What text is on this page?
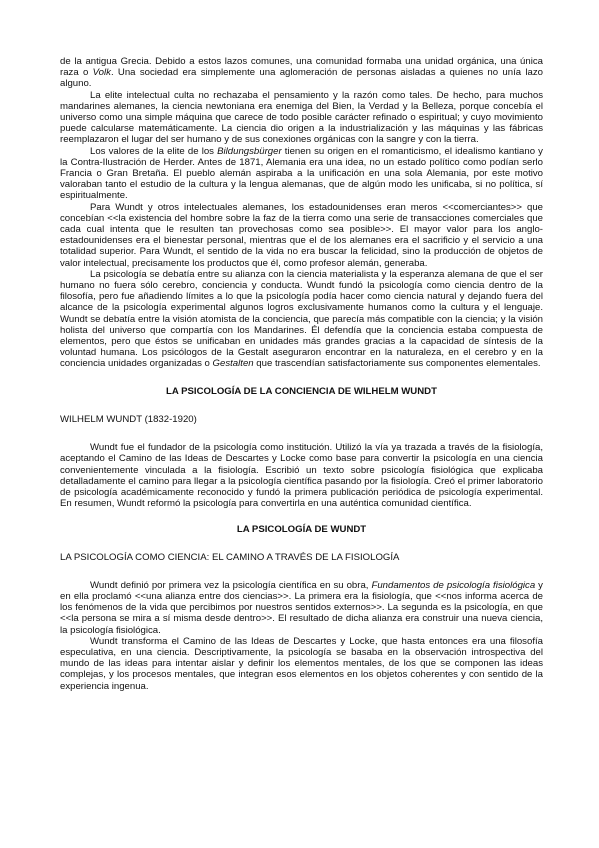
de la antigua Grecia. Debido a estos lazos comunes, una comunidad formaba una unidad orgánica, una única raza o Volk. Una sociedad era simplemente una aglomeración de personas aisladas a quienes no unía lazo alguno.

La elite intelectual culta no rechazaba el pensamiento y la razón como tales. De hecho, para muchos mandarines alemanes, la ciencia newtoniana era enemiga del Bien, la Verdad y la Belleza, porque concebía el universo como una simple máquina que carece de todo posible carácter refinado o espiritual; y cuyo movimiento puede calcularse matemáticamente. La ciencia dio origen a la industrialización y las máquinas y las fábricas reemplazaron el lugar del ser humano y de sus conexiones orgánicas con la sangre y con la tierra.

Los valores de la elite de los Bildungsbürger tienen su origen en el romanticismo, el idealismo kantiano y la Contra-Ilustración de Herder. Antes de 1871, Alemania era una idea, no un estado político como podían serlo Francia o Gran Bretaña. El pueblo alemán aspiraba a la unificación en una sola Alemania, por este motivo valoraban tanto el estudio de la cultura y la lengua alemanas, que de algún modo les unificaba, si no política, sí espiritualmente.

Para Wundt y otros intelectuales alemanes, los estadounidenses eran meros <<comerciantes>> que concebían <<la existencia del hombre sobre la faz de la tierra como una serie de transacciones comerciales que cada cual intenta que le resulten tan provechosas como sea posible>>. El mayor valor para los anglo-estadounidenses era el bienestar personal, mientras que el de los alemanes era el sacrificio y el servicio a una totalidad superior. Para Wundt, el sentido de la vida no era buscar la felicidad, sino la producción de objetos de valor intelectual, precisamente los productos que él, como profesor alemán, generaba.

La psicología se debatía entre su alianza con la ciencia materialista y la esperanza alemana de que el ser humano no fuera sólo cerebro, conciencia y conducta. Wundt fundó la psicología como ciencia dentro de la filosofía, pero fue añadiendo límites a lo que la psicología podía hacer como ciencia natural y dejando fuera del alcance de la psicología experimental algunos logros exclusivamente humanos como la cultura y el lenguaje. Wundt se debatía entre la visión atomista de la conciencia, que parecía más compatible con la ciencia; y la visión holista del universo que compartía con los Mandarines. Él defendía que la conciencia estaba compuesta de elementos, pero que éstos se unificaban en unidades más grandes gracias a la capacidad de síntesis de la voluntad humana. Los psicólogos de la Gestalt aseguraron encontrar en la naturaleza, en el cerebro y en la conciencia unidades organizadas o Gestalten que trascendían satisfactoriamente sus componentes elementales.

LA PSICOLOGÍA DE LA CONCIENCIA DE WILHELM WUNDT

WILHELM WUNDT (1832-1920)

Wundt fue el fundador de la psicología como institución. Utilizó la vía ya trazada a través de la fisiología, aceptando el Camino de las Ideas de Descartes y Locke como base para convertir la psicología en una ciencia convenientemente vinculada a la fisiología. Escribió un texto sobre psicología fisiológica que explicaba detalladamente el camino para llegar a la psicología científica pasando por la fisiología. Creó el primer laboratorio de psicología académicamente reconocido y fundó la primera publicación periódica de psicología experimental. En resumen, Wundt reformó la psicología para convertirla en una auténtica comunidad científica.

LA PSICOLOGÍA DE WUNDT

LA PSICOLOGÍA COMO CIENCIA: EL CAMINO A TRAVÉS DE LA FISIOLOGÍA

Wundt definió por primera vez la psicología científica en su obra, Fundamentos de psicología fisiológica y en ella proclamó <<una alianza entre dos ciencias>>. La primera era la fisiología, que <<nos informa acerca de los fenómenos de la vida que percibimos por nuestros sentidos externos>>. La segunda es la psicología, en que <<la persona se mira a sí misma desde dentro>>. El resultado de dicha alianza era construir una nueva ciencia, la psicología fisiológica.

Wundt transforma el Camino de las Ideas de Descartes y Locke, que hasta entonces era una filosofía especulativa, en una ciencia. Descriptivamente, la psicología se basaba en la observación introspectiva del mundo de las ideas para intentar aislar y definir los elementos mentales, de los que se componen las ideas complejas, y los procesos mentales, que integran esos elementos en los objetos coherentes y con sentido de la experiencia ingenua.
